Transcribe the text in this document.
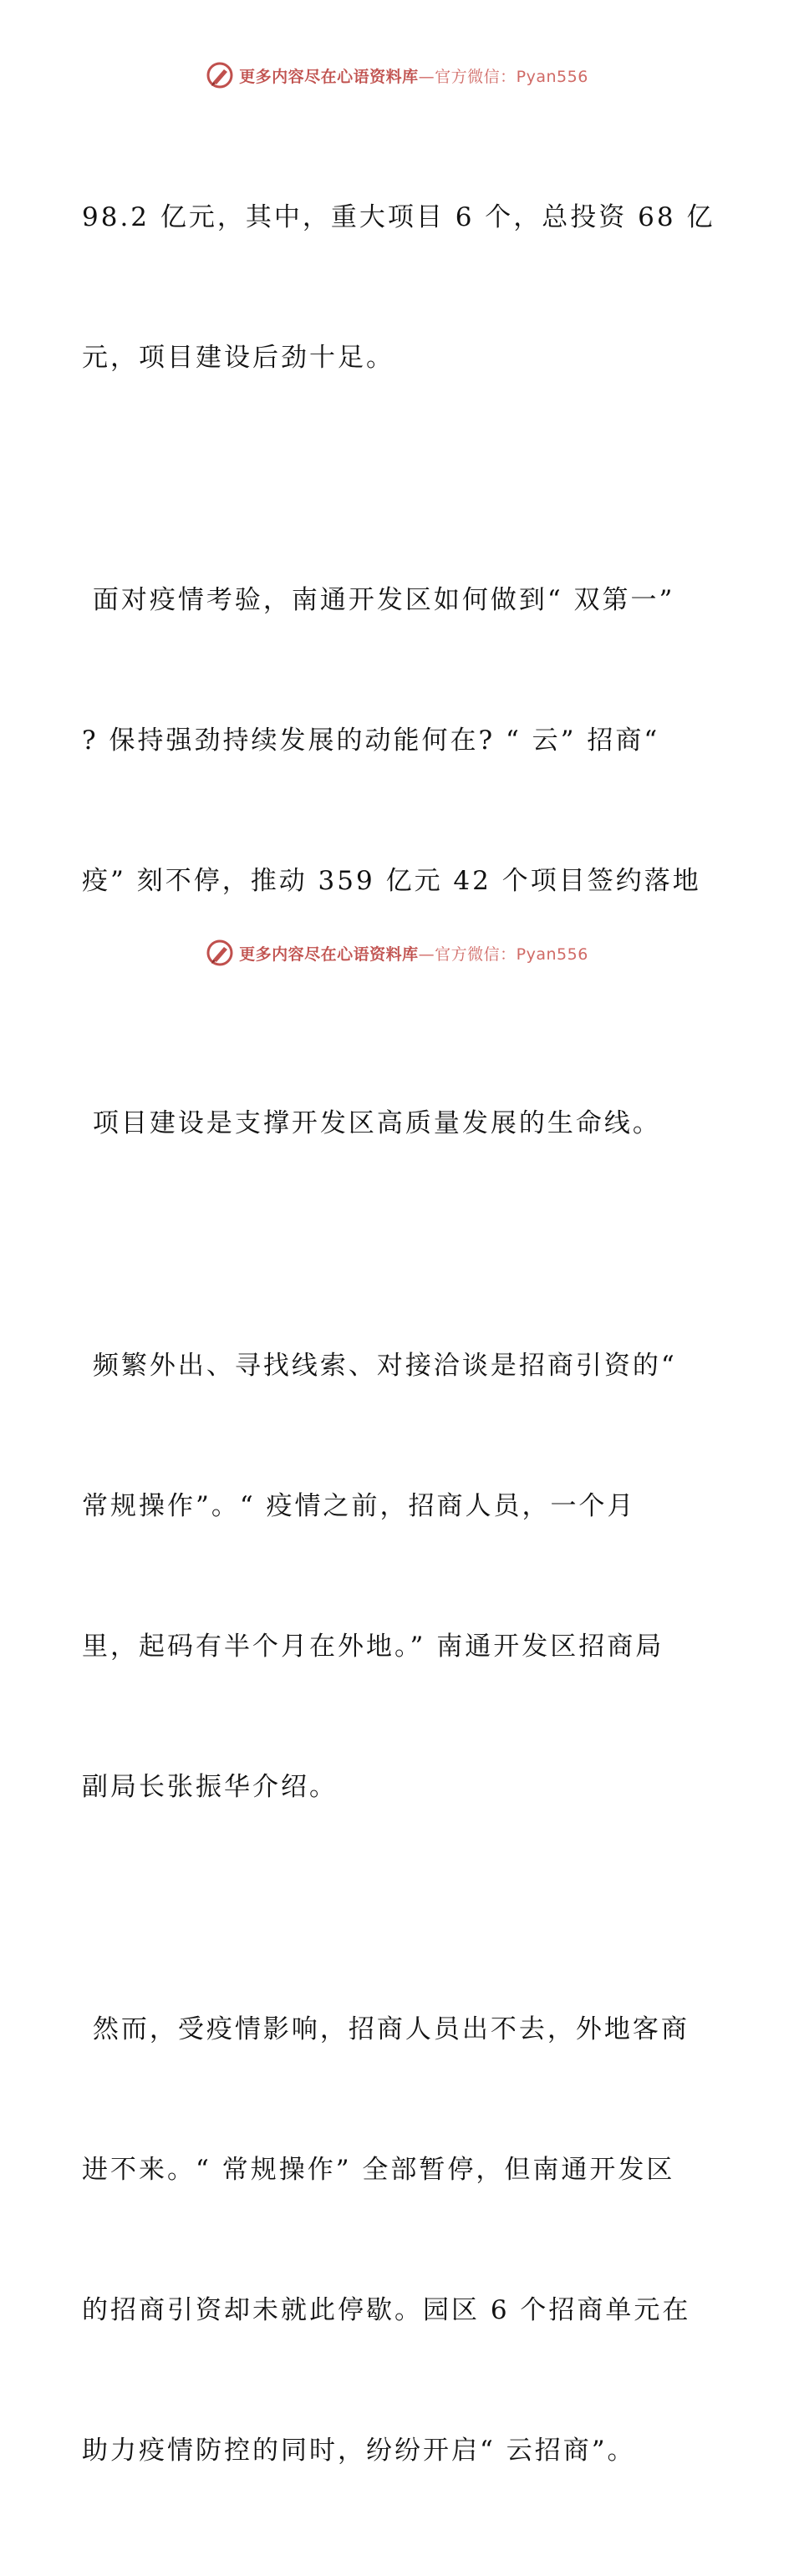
更多内容尽在心语资料库—官方微信：Pyan556

98.2 亿元，其中，重大项目 6 个，总投资 68 亿

元，项目建设后劲十足。

面对疫情考验，南通开发区如何做到“ 双第一”

? 保持强劲持续发展的动能何在? “ 云” 招商“

疫” 刻不停，推动 359 亿元 42 个项目签约落地

项目建设是支撑开发区高质量发展的生命线。

频繁外出、寻找线索、对接洽谈是招商引资的“

常规操作”。“ 疫情之前，招商人员，一个月

里，起码有半个月在外地。” 南通开发区招商局

副局长张振华介绍。

然而，受疫情影响，招商人员出不去，外地客商

进不来。“ 常规操作” 全部暂停，但南通开发区

的招商引资却未就此停歇。园区 6 个招商单元在

助力疫情防控的同时，纷纷开启“ 云招商”。

更多内容尽在心语资料库—官方微信：Pyan556
